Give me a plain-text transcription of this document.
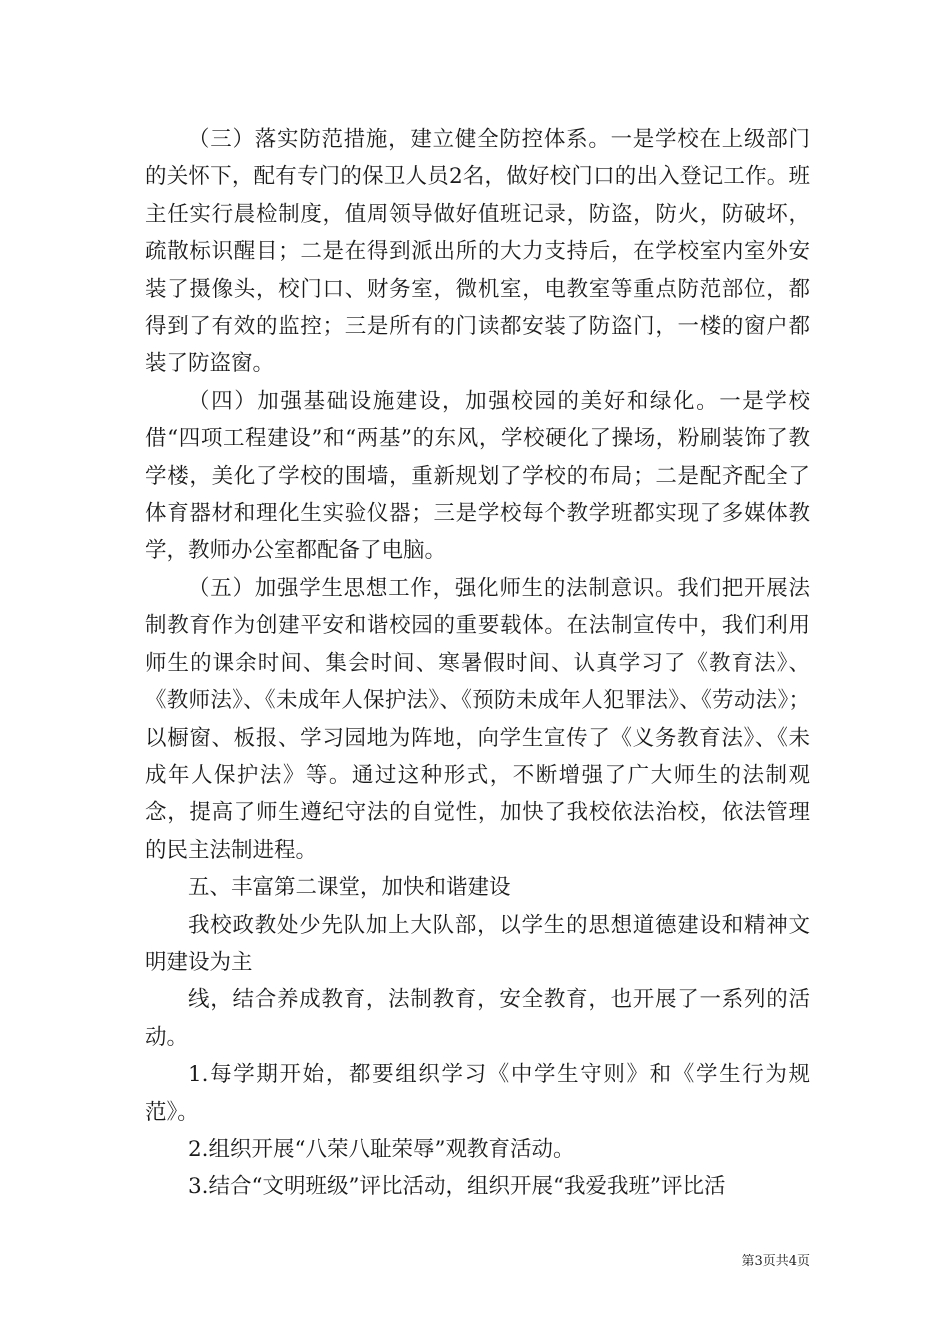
（三）落实防范措施，建立健全防控体系。一是学校在上级部门的关怀下，配有专门的保卫人员2名，做好校门口的出入登记工作。班主任实行晨检制度，值周领导做好值班记录，防盗，防火，防破坏，疏散标识醒目；二是在得到派出所的大力支持后，在学校室内室外安装了摄像头，校门口、财务室，微机室，电教室等重点防范部位，都得到了有效的监控；三是所有的门读都安装了防盗门，一楼的窗户都装了防盗窗。

（四）加强基础设施建设，加强校园的美好和绿化。一是学校借“四项工程建设”和“两基”的东风，学校硬化了操场，粉刷装饰了教学楼，美化了学校的围墙，重新规划了学校的布局；二是配齐配全了体育器材和理化生实验仪器；三是学校每个教学班都实现了多媒体教学，教师办公室都配备了电脑。

（五）加强学生思想工作，强化师生的法制意识。我们把开展法制教育作为创建平安和谐校园的重要载体。在法制宣传中，我们利用师生的课余时间、集会时间、寒暑假时间、认真学习了《教育法》、《教师法》、《未成年人保护法》、《预防未成年人犯罪法》、《劳动法》；以橱窗、板报、学习园地为阵地，向学生宣传了《义务教育法》、《未成年人保护法》等。通过这种形式，不断增强了广大师生的法制观念，提高了师生遵纪守法的自觉性，加快了我校依法治校，依法管理的民主法制进程。

五、丰富第二课堂，加快和谐建设

我校政教处少先队加上大队部，以学生的思想道德建设和精神文明建设为主

线，结合养成教育，法制教育，安全教育，也开展了一系列的活动。

1.每学期开始，都要组织学习《中学生守则》和《学生行为规范》。

2.组织开展“八荣八耻荣辱”观教育活动。

3.结合“文明班级”评比活动，组织开展“我爱我班”评比活

第3页共4页
